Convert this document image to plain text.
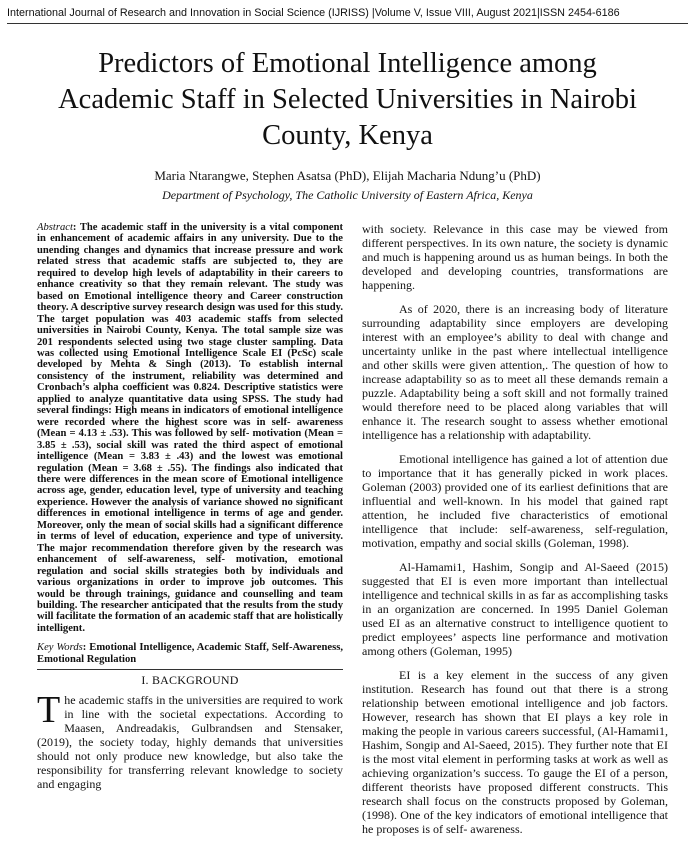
International Journal of Research and Innovation in Social Science (IJRISS) |Volume V, Issue VIII, August 2021|ISSN 2454-6186
Predictors of Emotional Intelligence among
Academic Staff in Selected Universities in Nairobi
County, Kenya
Maria Ntarangwe, Stephen Asatsa (PhD), Elijah Macharia Ndung’u (PhD)
Department of Psychology, The Catholic University of Eastern Africa, Kenya

Abstract: The academic staff in the university is a vital component in enhancement of academic affairs in any university. Due to the unending changes and dynamics that increase pressure and work related stress that academic staffs are subjected to, they are required to develop high levels of adaptability in their careers to enhance creativity so that they remain relevant. The study was based on Emotional intelligence theory and Career construction theory. A descriptive survey research design was used for this study. The target population was 403 academic staffs from selected universities in Nairobi County, Kenya. The total sample size was 201 respondents selected using two stage cluster sampling. Data was collected using Emotional Intelligence Scale EI (PcSc) scale developed by Mehta & Singh (2013). To establish internal consistency of the instrument, reliability was determined and Cronbach’s alpha coefficient was 0.824. Descriptive statistics were applied to analyze quantitative data using SPSS. The study had several findings: High means in indicators of emotional intelligence were recorded where the highest score was in self- awareness (Mean = 4.13 ± .53). This was followed by self- motivation (Mean = 3.85 ± .53), social skill was rated the third aspect of emotional intelligence (Mean = 3.83 ± .43) and the lowest was emotional regulation (Mean = 3.68 ± .55). The findings also indicated that there were differences in the mean score of Emotional intelligence across age, gender, education level, type of university and teaching experience. However the analysis of variance showed no significant differences in emotional intelligence in terms of age and gender. Moreover, only the mean of social skills had a significant difference in terms of level of education, experience and type of university. The major recommendation therefore given by the research was enhancement of self-awareness, self- motivation, emotional regulation and social skills strategies both by individuals and various organizations in order to improve job outcomes. This would be through trainings, guidance and counselling and team building. The researcher anticipated that the results from the study will facilitate the formation of an academic staff that are holistically intelligent.

Key Words: Emotional Intelligence, Academic Staff, Self-Awareness, Emotional Regulation

I. BACKGROUND

The academic staffs in the universities are required to work in line with the societal expectations. According to Maasen, Andreadakis, Gulbrandsen and Stensaker, (2019), the society today, highly demands that universities should not only produce new knowledge, but also take the responsibility for transferring relevant knowledge to society and engaging

with society. Relevance in this case may be viewed from different perspectives. In its own nature, the society is dynamic and much is happening around us as human beings. In both the developed and developing countries, transformations are happening.

As of 2020, there is an increasing body of literature surrounding adaptability since employers are developing interest with an employee’s ability to deal with change and uncertainty unlike in the past where intellectual intelligence and other skills were given attention,. The question of how to increase adaptability so as to meet all these demands remain a puzzle. Adaptability being a soft skill and not formally trained would therefore need to be placed along variables that will enhance it. The research sought to assess whether emotional intelligence has a relationship with adaptability.

Emotional intelligence has gained a lot of attention due to importance that it has generally picked in work places. Goleman (2003) provided one of its earliest definitions that are influential and well-known. In his model that gained rapt attention, he included five characteristics of emotional intelligence that include: self-awareness, self-regulation, motivation, empathy and social skills (Goleman, 1998).

Al-Hamami1, Hashim, Songip and Al-Saeed (2015) suggested that EI is even more important than intellectual intelligence and technical skills in as far as accomplishing tasks in an organization are concerned. In 1995 Daniel Goleman used EI as an alternative construct to intelligence quotient to predict employees’ aspects line performance and motivation among others (Goleman, 1995)

EI is a key element in the success of any given institution. Research has found out that there is a strong relationship between emotional intelligence and job factors. However, research has shown that EI plays a key role in making the people in various careers successful, (Al-Hamami1, Hashim, Songip and Al-Saeed, 2015). They further note that EI is the most vital element in performing tasks at work as well as achieving organization’s success. To gauge the EI of a person, different theorists have proposed different constructs. This research shall focus on the constructs proposed by Goleman, (1998). One of the key indicators of emotional intelligence that he proposes is of self- awareness.
